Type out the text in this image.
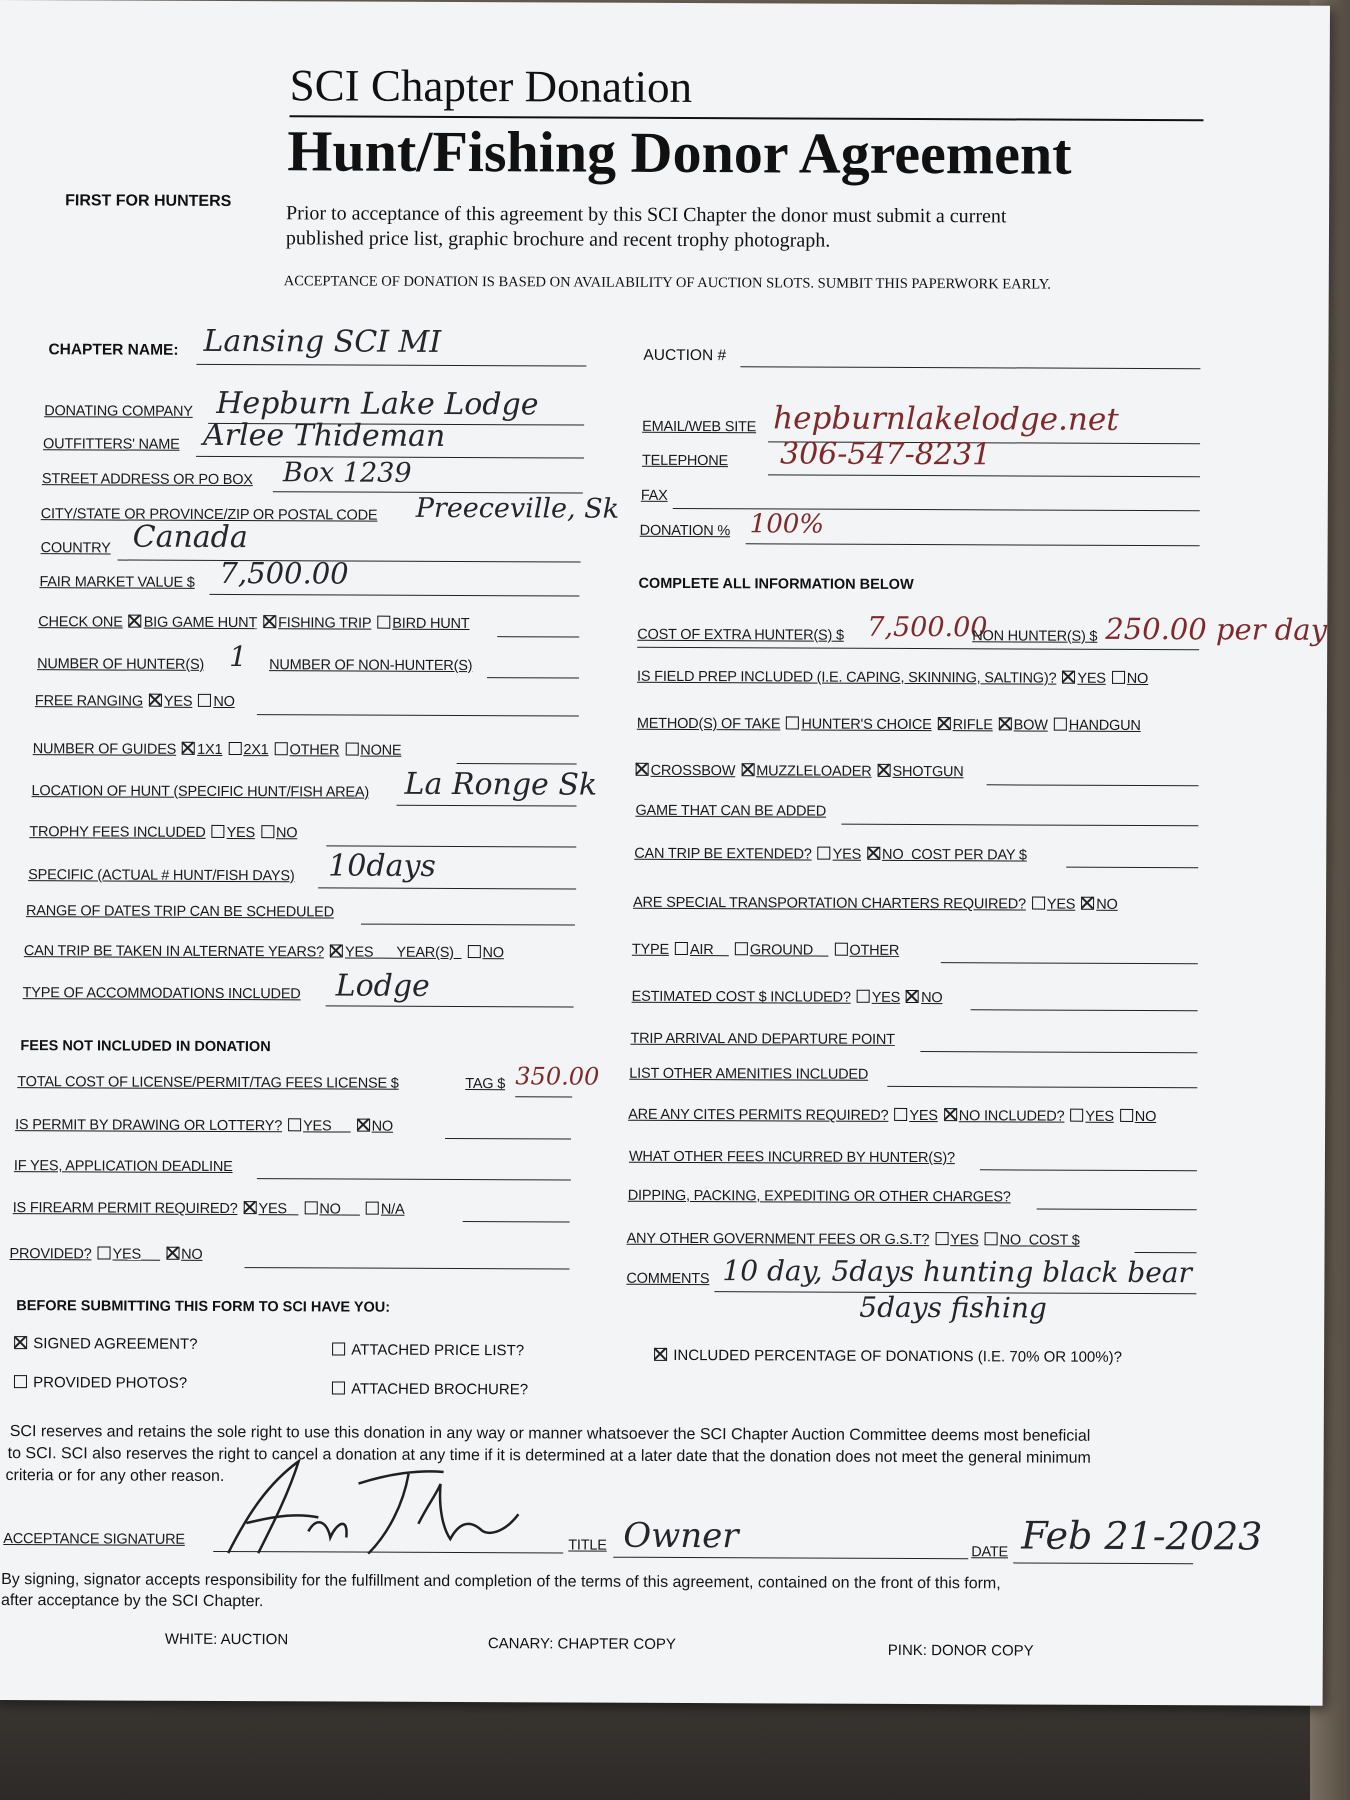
SCI Chapter Donation
Hunt/Fishing Donor Agreement
FIRST FOR HUNTERS
Prior to acceptance of this agreement by this SCI Chapter the donor must submit a current
published price list, graphic brochure and recent trophy photograph.
ACCEPTANCE OF DONATION IS BASED ON AVAILABILITY OF AUCTION SLOTS. SUMBIT THIS PAPERWORK EARLY.
CHAPTER NAME: Lansing SCI MI
DONATING COMPANY Hepburn Lake Lodge
OUTFITTERS' NAME Arlee Thideman
STREET ADDRESS OR PO BOX Box 1239
CITY/STATE OR PROVINCE/ZIP OR POSTAL CODE Preeceville, Sk
COUNTRY Canada
FAIR MARKET VALUE $ 7,500.00
CHECK ONE BIG GAME HUNT FISHING TRIP BIRD HUNT
NUMBER OF HUNTER(S) 1 NUMBER OF NON-HUNTER(S)
FREE RANGING YES NO
NUMBER OF GUIDES 1X1 2X1 OTHER NONE
LOCATION OF HUNT (SPECIFIC HUNT/FISH AREA) La Ronge Sk
TROPHY FEES INCLUDED YES NO
SPECIFIC (ACTUAL # HUNT/FISH DAYS) 10days
RANGE OF DATES TRIP CAN BE SCHEDULED
CAN TRIP BE TAKEN IN ALTERNATE YEARS? YES YEAR(S) NO
TYPE OF ACCOMMODATIONS INCLUDED Lodge
FEES NOT INCLUDED IN DONATION
TOTAL COST OF LICENSE/PERMIT/TAG FEES LICENSE $	TAG $ 350.00
IS PERMIT BY DRAWING OR LOTTERY? YES	NO
IF YES, APPLICATION DEADLINE
IS FIREARM PERMIT REQUIRED? YES NO	N/A
PROVIDED? YES	NO
AUCTION #
EMAIL/WEB SITE hepburnlakelodge.net
TELEPHONE 306-547-8231
FAX
DONATION % 100%
COMPLETE ALL INFORMATION BELOW
COST OF EXTRA HUNTER(S) $ 7,500.00
NON HUNTER(S) $ 250.00 per day
IS FIELD PREP INCLUDED (I.E. CAPING, SKINNING, SALTING)? YES NO
METHOD(S) OF TAKE HUNTER'S CHOICE RIFLE BOW HANDGUN
CROSSBOW MUZZLELOADER SHOTGUN
GAME THAT CAN BE ADDED
CAN TRIP BE EXTENDED? YES NO COST PER DAY $
ARE SPECIAL TRANSPORTATION CHARTERS REQUIRED? YES NO
TYPE AIR	GROUND	OTHER
ESTIMATED COST $ INCLUDED? YES NO
TRIP ARRIVAL AND DEPARTURE POINT
LIST OTHER AMENITIES INCLUDED
ARE ANY CITES PERMITS REQUIRED? YES NO INCLUDED? YES NO
WHAT OTHER FEES INCURRED BY HUNTER(S)?
DIPPING, PACKING, EXPEDITING OR OTHER CHARGES?
ANY OTHER GOVERNMENT FEES OR G.S.T? YES NO COST $
COMMENTS 10 day, 5days hunting black bear
5days fishing
BEFORE SUBMITTING THIS FORM TO SCI HAVE YOU:
SIGNED AGREEMENT?	ATTACHED PRICE LIST?	INCLUDED PERCENTAGE OF DONATIONS (I.E. 70% OR 100%)?
PROVIDED PHOTOS?	ATTACHED BROCHURE?
SCI reserves and retains the sole right to use this donation in any way or manner whatsoever the SCI Chapter Auction Committee deems most beneficial
to SCI. SCI also reserves the right to cancel a donation at any time if it is determined at a later date that the donation does not meet the general minimum
criteria or for any other reason.
ACCEPTANCE SIGNATURE	TITLE Owner	DATE Feb 21-2023
By signing, signator accepts responsibility for the fulfillment and completion of the terms of this agreement, contained on the front of this form,
after acceptance by the SCI Chapter.
WHITE: AUCTION	CANARY: CHAPTER COPY	PINK: DONOR COPY
